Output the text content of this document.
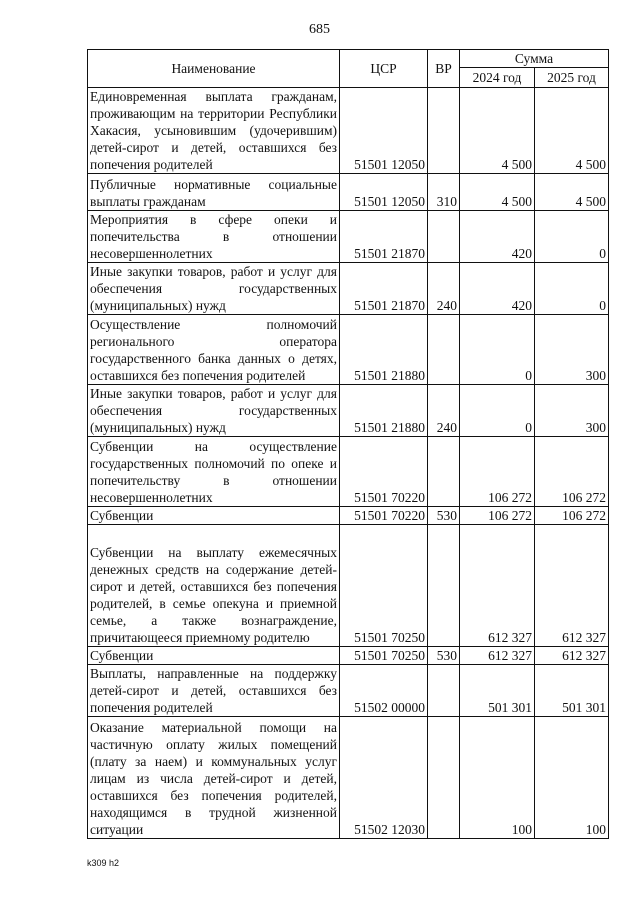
685
Наименование	ЦСР	ВР	Сумма	
			2024 год	2025 год
Единовременная выплата гражданам, проживающим на территории Республики Хакасия, усыновившим (удочерившим) детей-сирот и детей, оставшихся без попечения родителей	51501 12050		4 500	4 500
Публичные нормативные социальные выплаты гражданам	51501 12050	310	4 500	4 500
Мероприятия в сфере опеки и попечительства в отношении несовершеннолетних	51501 21870		420	0
Иные закупки товаров, работ и услуг для обеспечения государственных (муниципальных) нужд	51501 21870	240	420	0
Осуществление полномочий регионального оператора государственного банка данных о детях, оставшихся без попечения родителей	51501 21880		0	300
Иные закупки товаров, работ и услуг для обеспечения государственных (муниципальных) нужд	51501 21880	240	0	300
Субвенции на осуществление государственных полномочий по опеке и попечительству в отношении несовершеннолетних	51501 70220		106 272	106 272
Субвенции	51501 70220	530	106 272	106 272
Субвенции на выплату ежемесячных денежных средств на содержание детей-сирот и детей, оставшихся без попечения родителей, в семье опекуна и приемной семье, а также вознаграждение, причитающееся приемному родителю	51501 70250		612 327	612 327
Субвенции	51501 70250	530	612 327	612 327
Выплаты, направленные на поддержку детей-сирот и детей, оставшихся без попечения родителей	51502 00000		501 301	501 301
Оказание материальной помощи на частичную оплату жилых помещений (плату за наем) и коммунальных услуг лицам из числа детей-сирот и детей, оставшихся без попечения родителей, находящимся в трудной жизненной ситуации	51502 12030		100	100
k309 h2
